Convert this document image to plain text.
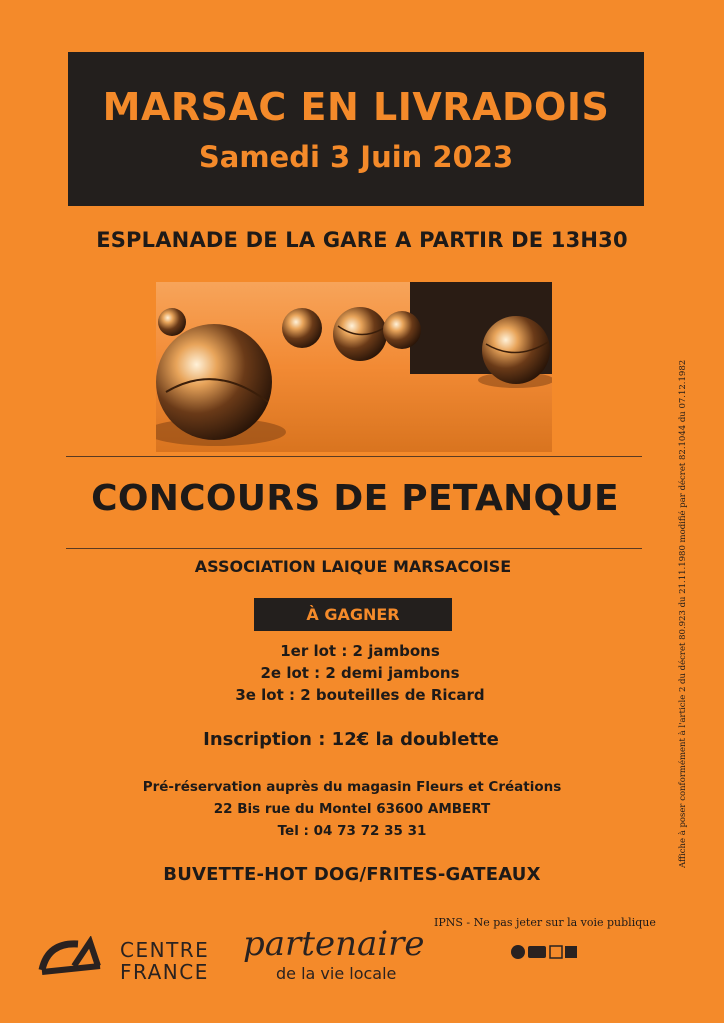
MARSAC EN LIVRADOIS
Samedi 3 Juin 2023
ESPLANADE DE LA GARE A PARTIR DE 13H30
CONCOURS DE PETANQUE
ASSOCIATION LAIQUE MARSACOISE
À GAGNER
1er lot : 2 jambons
2e lot : 2 demi jambons
3e lot : 2 bouteilles de Ricard
Inscription : 12€ la doublette
Pré-réservation auprès du magasin Fleurs et Créations
22 Bis rue du Montel 63600 AMBERT
Tel : 04 73 72 35 31
BUVETTE-HOT DOG/FRITES-GATEAUX
Affiche à poser conformément à l'article 2 du décret 80.923 du 21.11.1980 modifié par décret 82.1044 du 07.12.1982
IPNS - Ne pas jeter sur la voie publique
CENTRE
FRANCE
partenaire
de la vie locale
